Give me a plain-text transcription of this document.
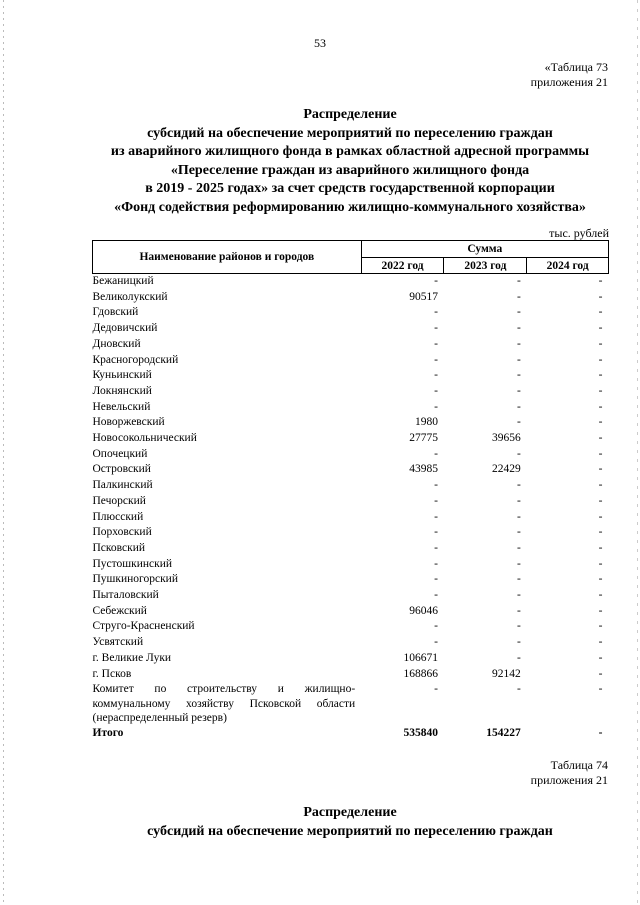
53
«Таблица 73
приложения 21
Распределение
субсидий на обеспечение мероприятий по переселению граждан
из аварийного жилищного фонда в рамках областной адресной программы
«Переселение граждан из аварийного жилищного фонда
в 2019 - 2025 годах» за счет средств государственной корпорации
«Фонд содействия реформированию жилищно-коммунального хозяйства»
тыс. рублей
Наименование районов и городов	Сумма		
	2022 год	2023 год	2024 год
Бежаницкий	-	-	-
Великолукский	90517	-	-
Гдовский	-	-	-
Дедовичский	-	-	-
Дновский	-	-	-
Красногородский	-	-	-
Куньинский	-	-	-
Локнянский	-	-	-
Невельский	-	-	-
Новоржевский	1980	-	-
Новосокольнический	27775	39656	-
Опочецкий	-	-	-
Островский	43985	22429	-
Палкинский	-	-	-
Печорский	-	-	-
Плюсский	-	-	-
Порховский	-	-	-
Псковский	-	-	-
Пустошкинский	-	-	-
Пушкиногорский	-	-	-
Пыталовский	-	-	-
Себежский	96046	-	-
Струго-Красненский	-	-	-
Усвятский	-	-	-
г. Великие Луки	106671	-	-
г. Псков	168866	92142	-
Комитет по строительству и жилищно-коммунальному хозяйству Псковской области (нераспределенный резерв)	-	-	-
Итого	535840	154227	-
Таблица 74
приложения 21
Распределение
субсидий на обеспечение мероприятий по переселению граждан
